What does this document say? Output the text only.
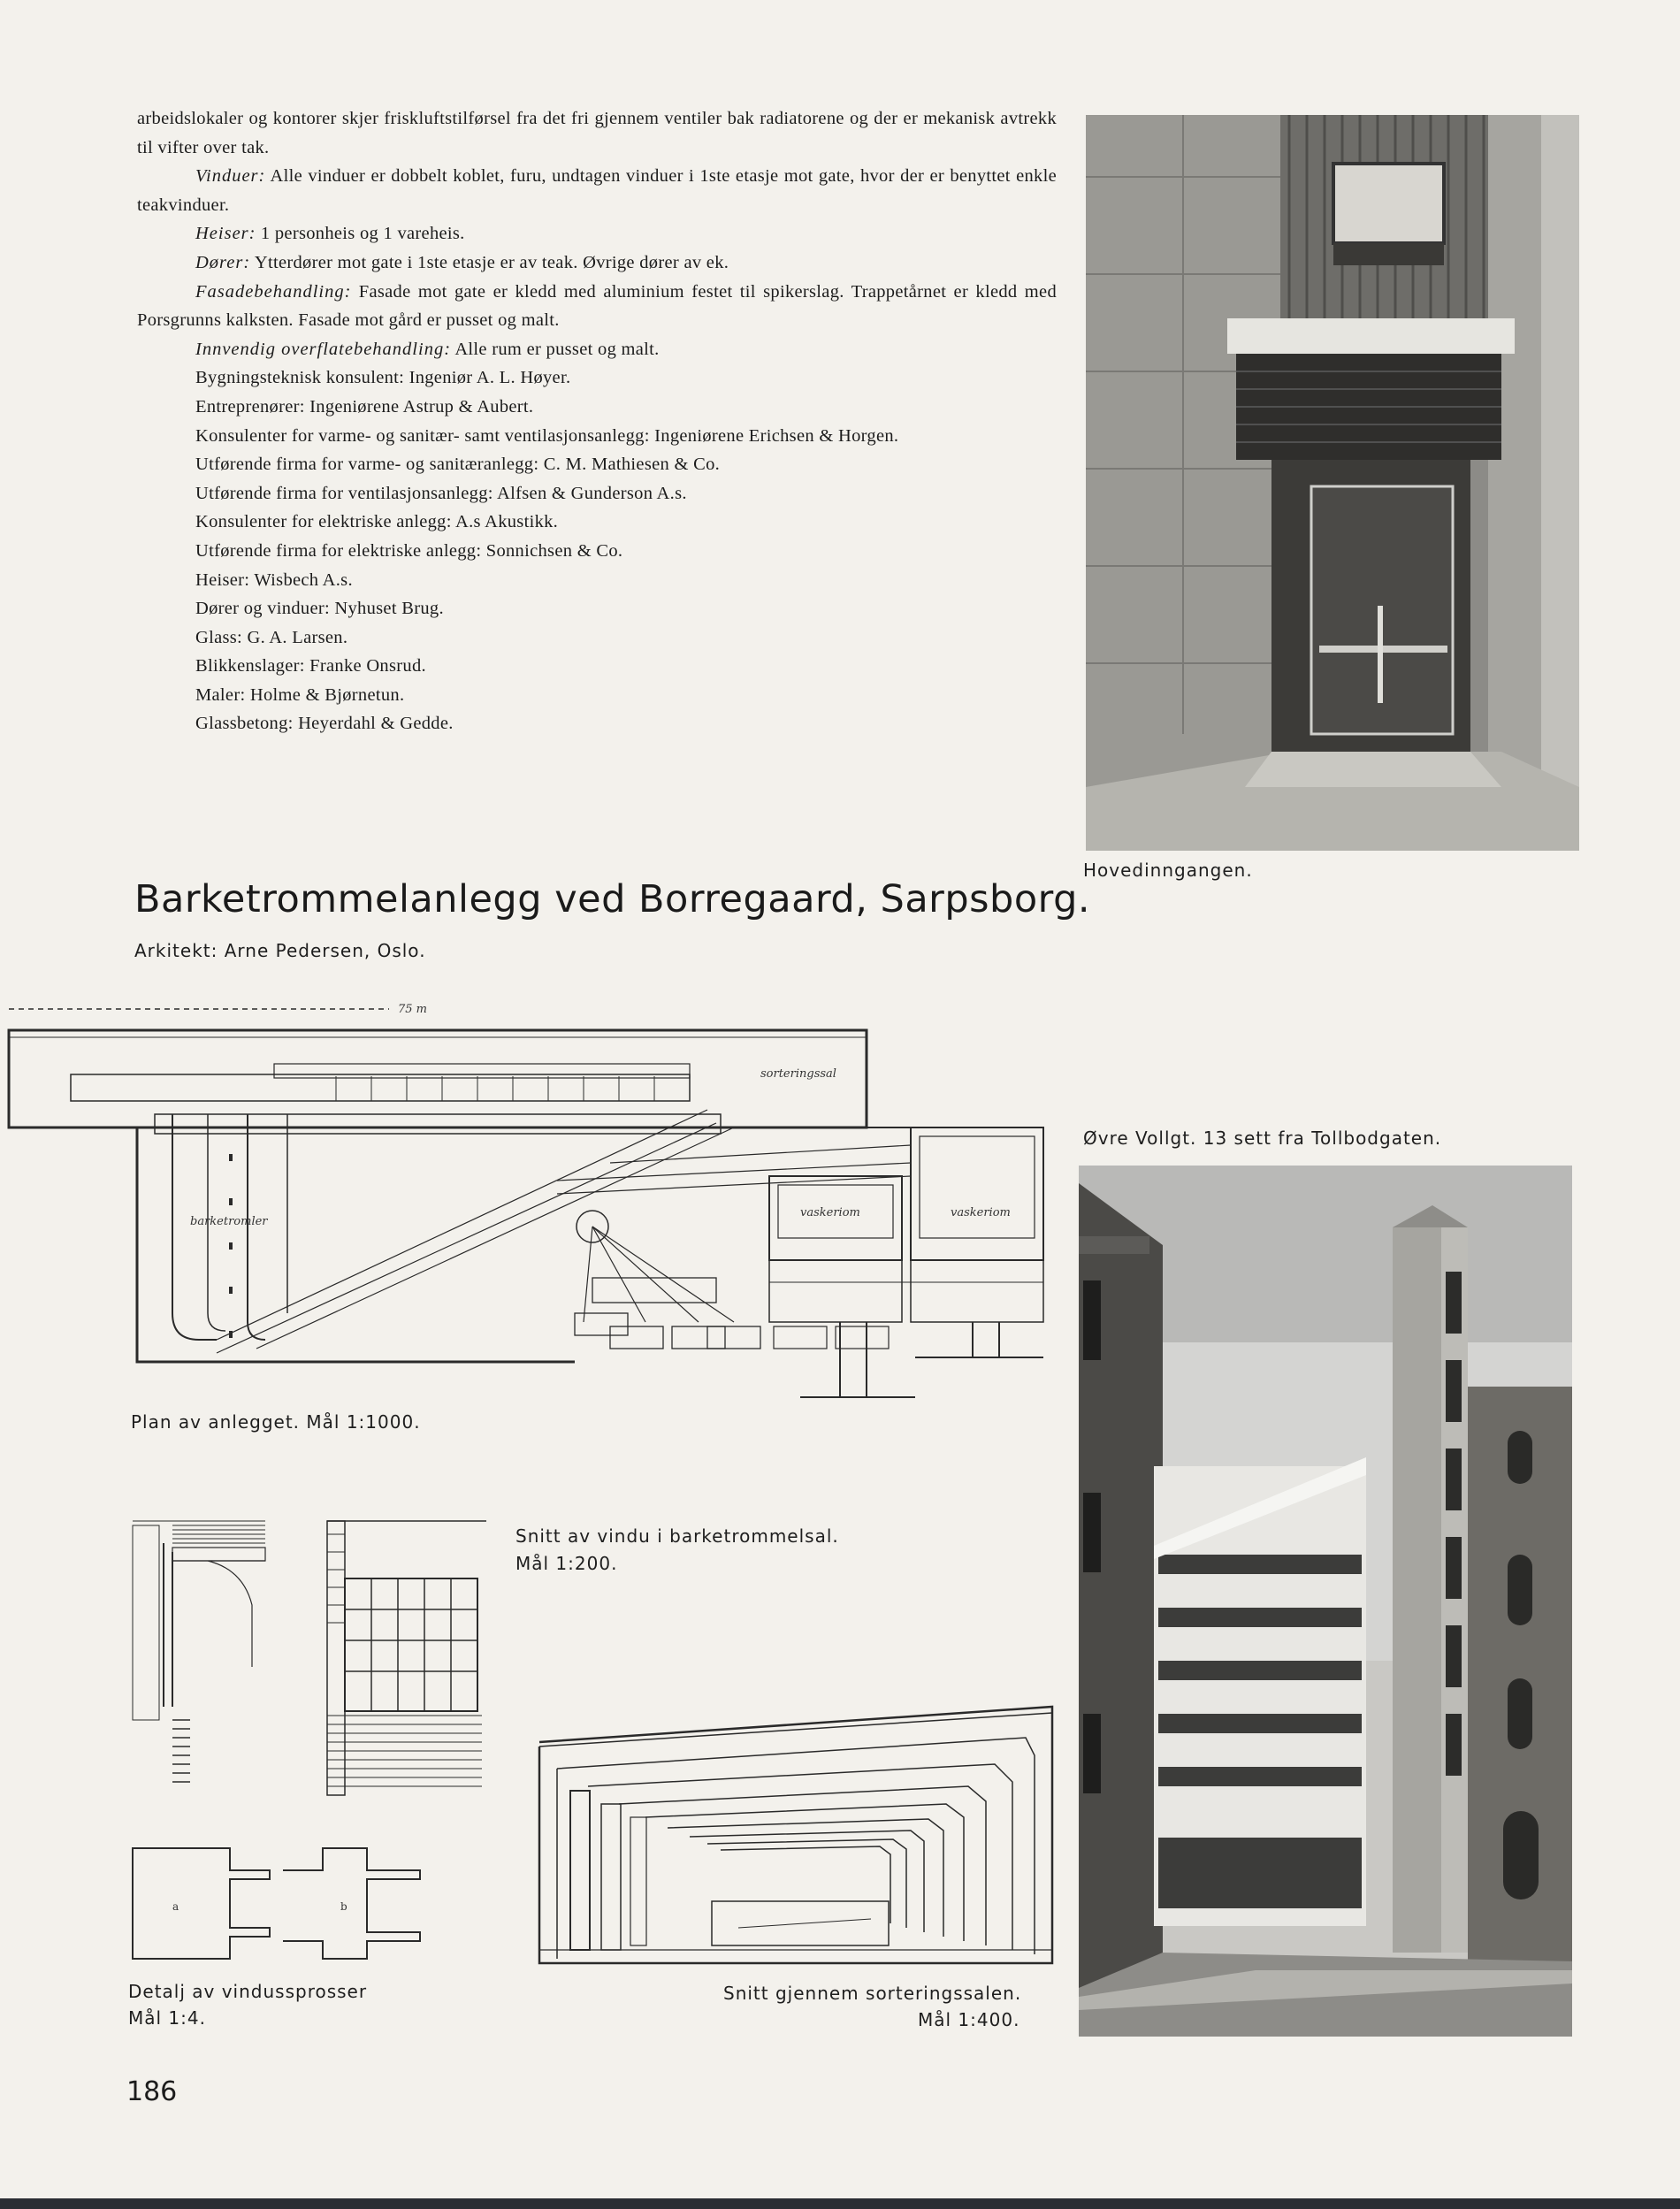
arbeidslokaler og kontorer skjer friskluftstilførsel fra det fri gjennem ventiler bak radiatorene og der er mekanisk avtrekk til vifter over tak.

Vinduer: Alle vinduer er dobbelt koblet, furu, undtagen vinduer i 1ste etasje mot gate, hvor der er benyttet enkle teakvinduer.

Heiser: 1 personheis og 1 vareheis.

Dører: Ytterdører mot gate i 1ste etasje er av teak. Øvrige dører av ek.

Fasadebehandling: Fasade mot gate er kledd med aluminium festet til spikerslag. Trappetårnet er kledd med Porsgrunns kalksten. Fasade mot gård er pusset og malt.

Innvendig overflatebehandling: Alle rum er pusset og malt.

Bygningsteknisk konsulent: Ingeniør A. L. Høyer.

Entreprenører: Ingeniørene Astrup & Aubert.

Konsulenter for varme- og sanitær- samt ventilasjonsanlegg: Ingeniørene Erichsen & Horgen.

Utførende firma for varme- og sanitæranlegg: C. M. Mathiesen & Co.

Utførende firma for ventilasjonsanlegg: Alfsen & Gunderson A.s.

Konsulenter for elektriske anlegg: A.s Akustikk.

Utførende firma for elektriske anlegg: Sonnichsen & Co.

Heiser: Wisbech A.s.

Dører og vinduer: Nyhuset Brug.

Glass: G. A. Larsen.

Blikkenslager: Franke Onsrud.

Maler: Holme & Bjørnetun.

Glassbetong: Heyerdahl & Gedde.

Hovedinngangen.
Barketrommelanlegg ved Borregaard, Sarpsborg.
Arkitekt: Arne Pedersen, Oslo.
75 m
sorteringssal
barketromler
vaskeriom	vaskeriom
Plan av anlegget. Mål 1:1000.
Snitt av vindu i barketrommelsal.
Mål 1:200.
a	b
Detalj av vindussprosser
Mål 1:4.
Snitt gjennem sorteringssalen.
Mål 1:400.
Øvre Vollgt. 13 sett fra Tollbodgaten.
186
